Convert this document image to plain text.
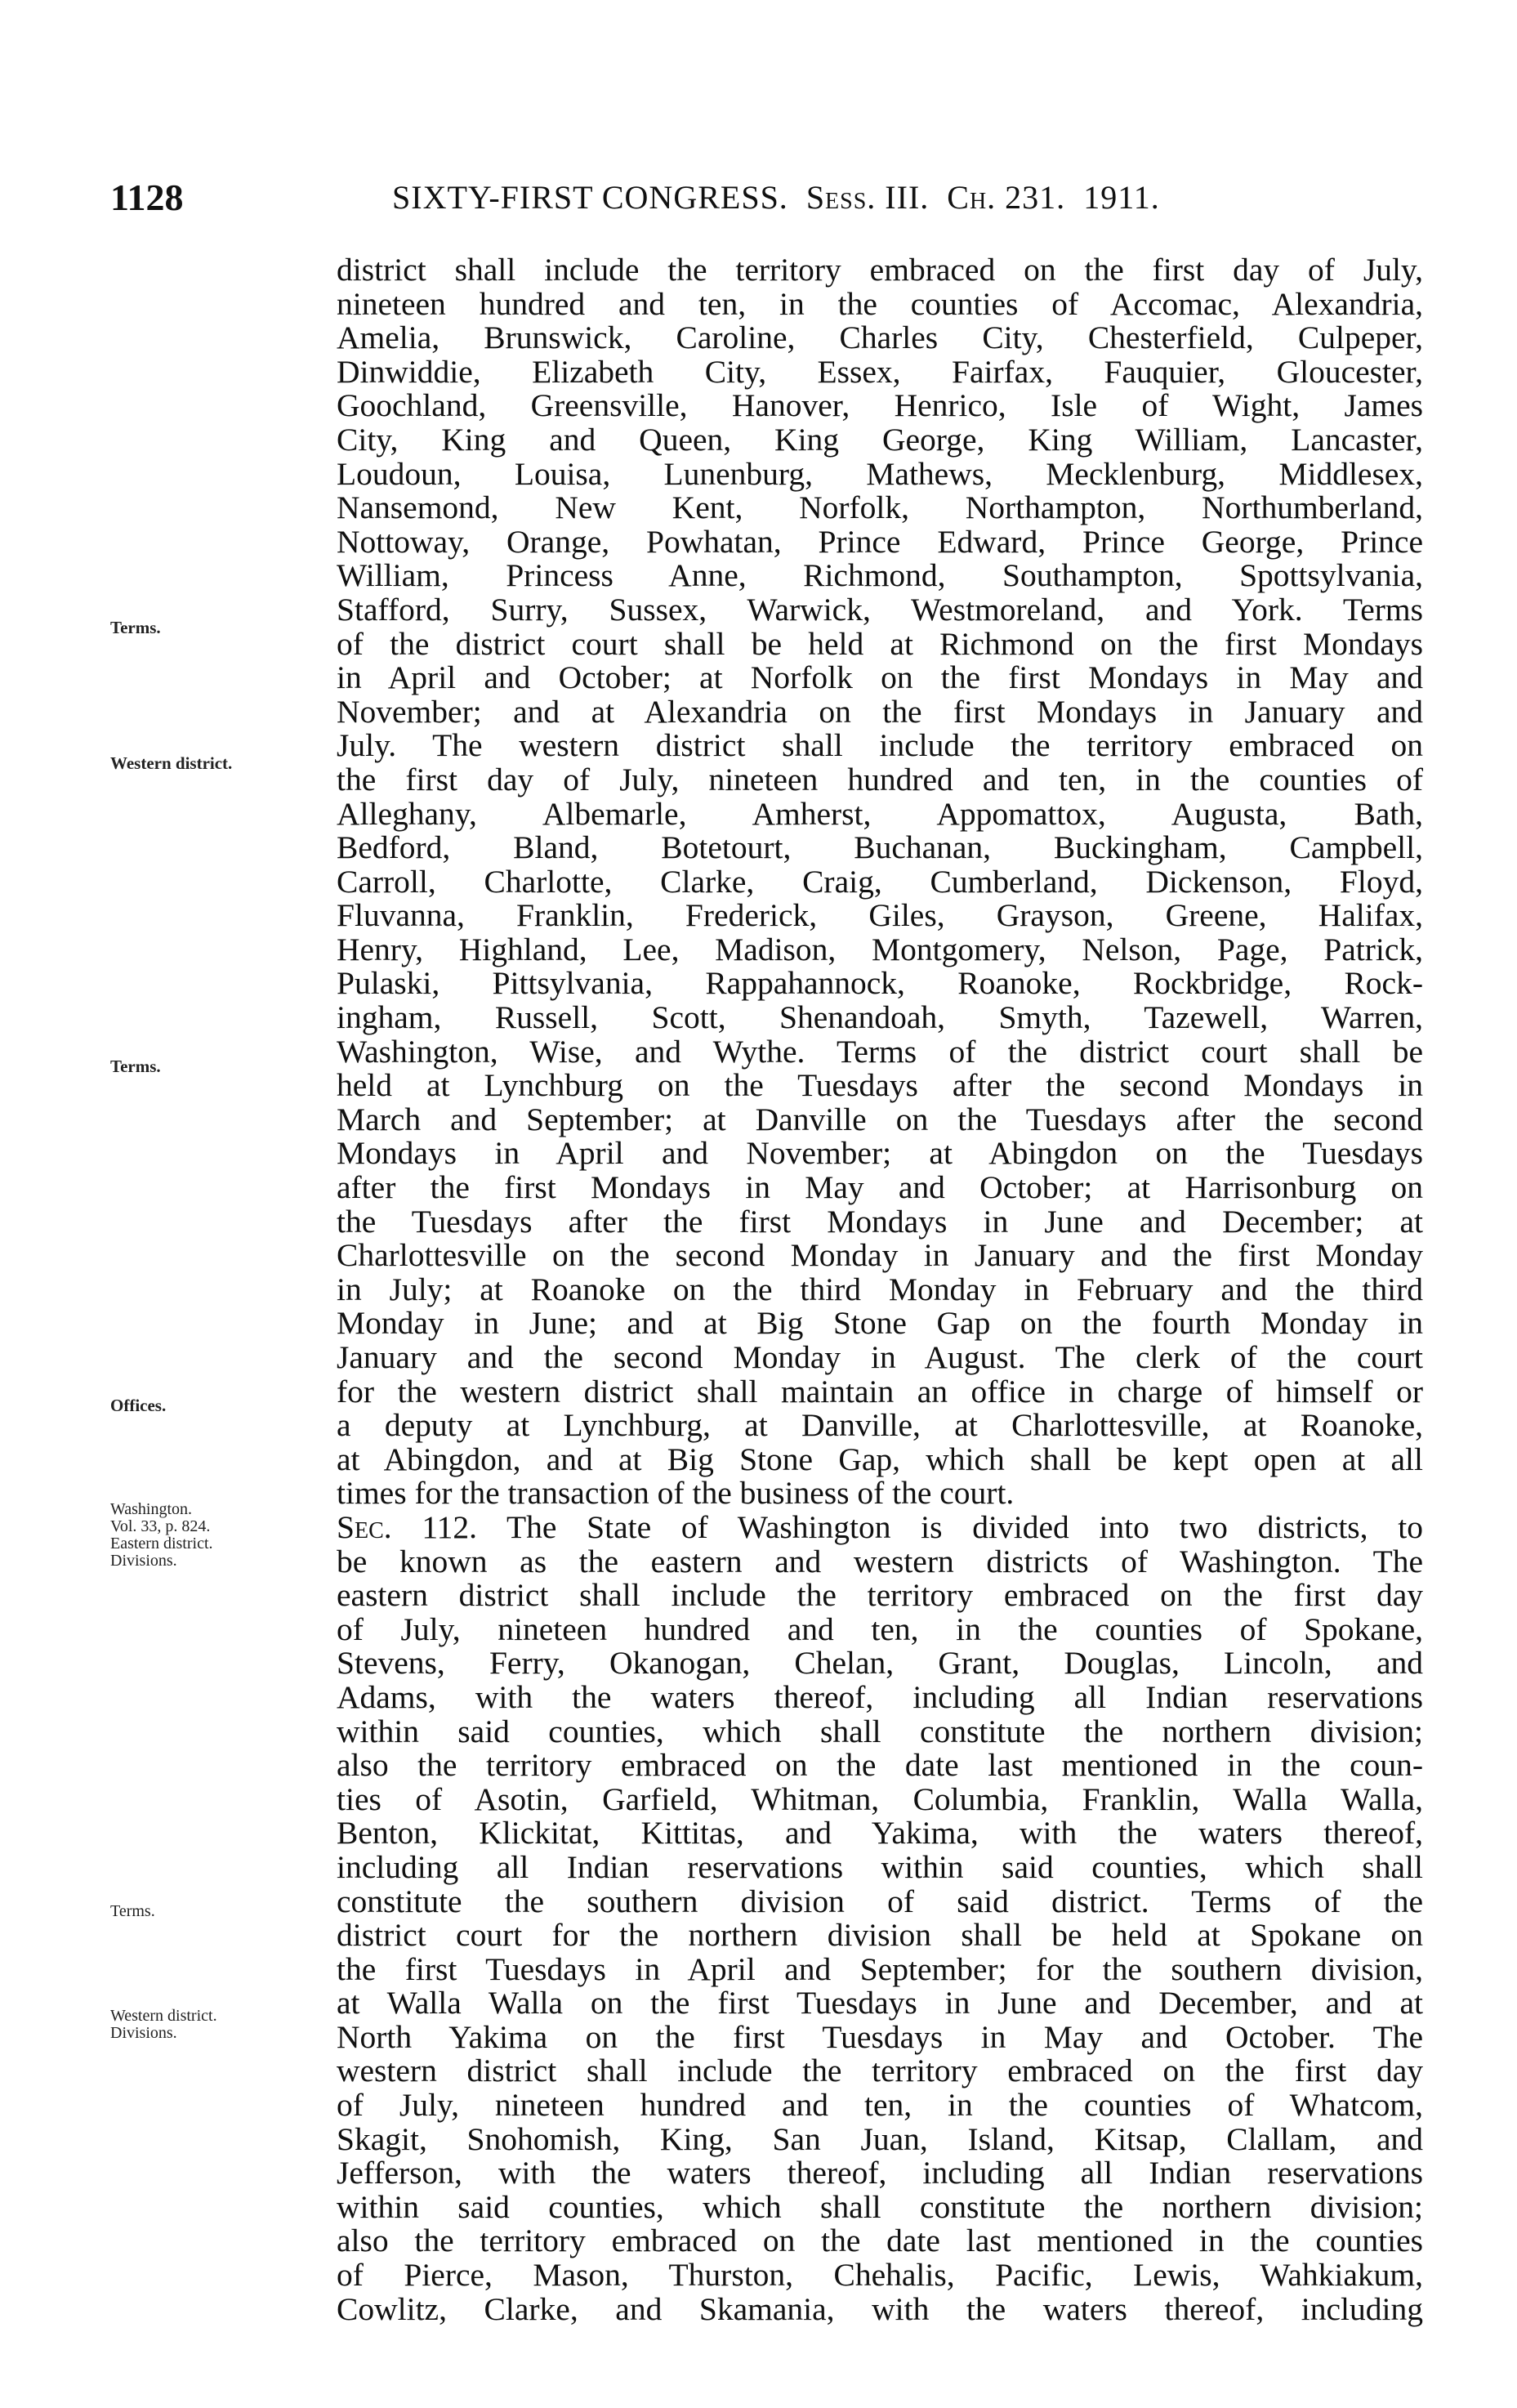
1128	SIXTY-FIRST CONGRESS. Sess. III. Ch. 231. 1911.
Terms.
Western district.
Terms.
Offices.
Washington.
Vol. 33, p. 824.
Eastern district.
Divisions.
Terms.
Western district.
Divisions.
district shall include the territory embraced on the first day of July,
nineteen hundred and ten, in the counties of Accomac, Alexandria,
Amelia, Brunswick, Caroline, Charles City, Chesterfield, Culpeper,
Dinwiddie, Elizabeth City, Essex, Fairfax, Fauquier, Gloucester,
Goochland, Greensville, Hanover, Henrico, Isle of Wight, James
City, King and Queen, King George, King William, Lancaster,
Loudoun, Louisa, Lunenburg, Mathews, Mecklenburg, Middlesex,
Nansemond, New Kent, Norfolk, Northampton, Northumberland,
Nottoway, Orange, Powhatan, Prince Edward, Prince George, Prince
William, Princess Anne, Richmond, Southampton, Spottsylvania,
Stafford, Surry, Sussex, Warwick, Westmoreland, and York. Terms
of the district court shall be held at Richmond on the first Mondays
in April and October; at Norfolk on the first Mondays in May and
November; and at Alexandria on the first Mondays in January and
July. The western district shall include the territory embraced on
the first day of July, nineteen hundred and ten, in the counties of
Alleghany, Albemarle, Amherst, Appomattox, Augusta, Bath,
Bedford, Bland, Botetourt, Buchanan, Buckingham, Campbell,
Carroll, Charlotte, Clarke, Craig, Cumberland, Dickenson, Floyd,
Fluvanna, Franklin, Frederick, Giles, Grayson, Greene, Halifax,
Henry, Highland, Lee, Madison, Montgomery, Nelson, Page, Patrick,
Pulaski, Pittsylvania, Rappahannock, Roanoke, Rockbridge, Rock-
ingham, Russell, Scott, Shenandoah, Smyth, Tazewell, Warren,
Washington, Wise, and Wythe. Terms of the district court shall be
held at Lynchburg on the Tuesdays after the second Mondays in
March and September; at Danville on the Tuesdays after the second
Mondays in April and November; at Abingdon on the Tuesdays
after the first Mondays in May and October; at Harrisonburg on
the Tuesdays after the first Mondays in June and December; at
Charlottesville on the second Monday in January and the first Monday
in July; at Roanoke on the third Monday in February and the third
Monday in June; and at Big Stone Gap on the fourth Monday in
January and the second Monday in August. The clerk of the court
for the western district shall maintain an office in charge of himself or
a deputy at Lynchburg, at Danville, at Charlottesville, at Roanoke,
at Abingdon, and at Big Stone Gap, which shall be kept open at all
times for the transaction of the business of the court.
Sec. 112. The State of Washington is divided into two districts, to
be known as the eastern and western districts of Washington. The
eastern district shall include the territory embraced on the first day
of July, nineteen hundred and ten, in the counties of Spokane,
Stevens, Ferry, Okanogan, Chelan, Grant, Douglas, Lincoln, and
Adams, with the waters thereof, including all Indian reservations
within said counties, which shall constitute the northern division;
also the territory embraced on the date last mentioned in the coun-
ties of Asotin, Garfield, Whitman, Columbia, Franklin, Walla Walla,
Benton, Klickitat, Kittitas, and Yakima, with the waters thereof,
including all Indian reservations within said counties, which shall
constitute the southern division of said district. Terms of the
district court for the northern division shall be held at Spokane on
the first Tuesdays in April and September; for the southern division,
at Walla Walla on the first Tuesdays in June and December, and at
North Yakima on the first Tuesdays in May and October. The
western district shall include the territory embraced on the first day
of July, nineteen hundred and ten, in the counties of Whatcom,
Skagit, Snohomish, King, San Juan, Island, Kitsap, Clallam, and
Jefferson, with the waters thereof, including all Indian reservations
within said counties, which shall constitute the northern division;
also the territory embraced on the date last mentioned in the counties
of Pierce, Mason, Thurston, Chehalis, Pacific, Lewis, Wahkiakum,
Cowlitz, Clarke, and Skamania, with the waters thereof, including
